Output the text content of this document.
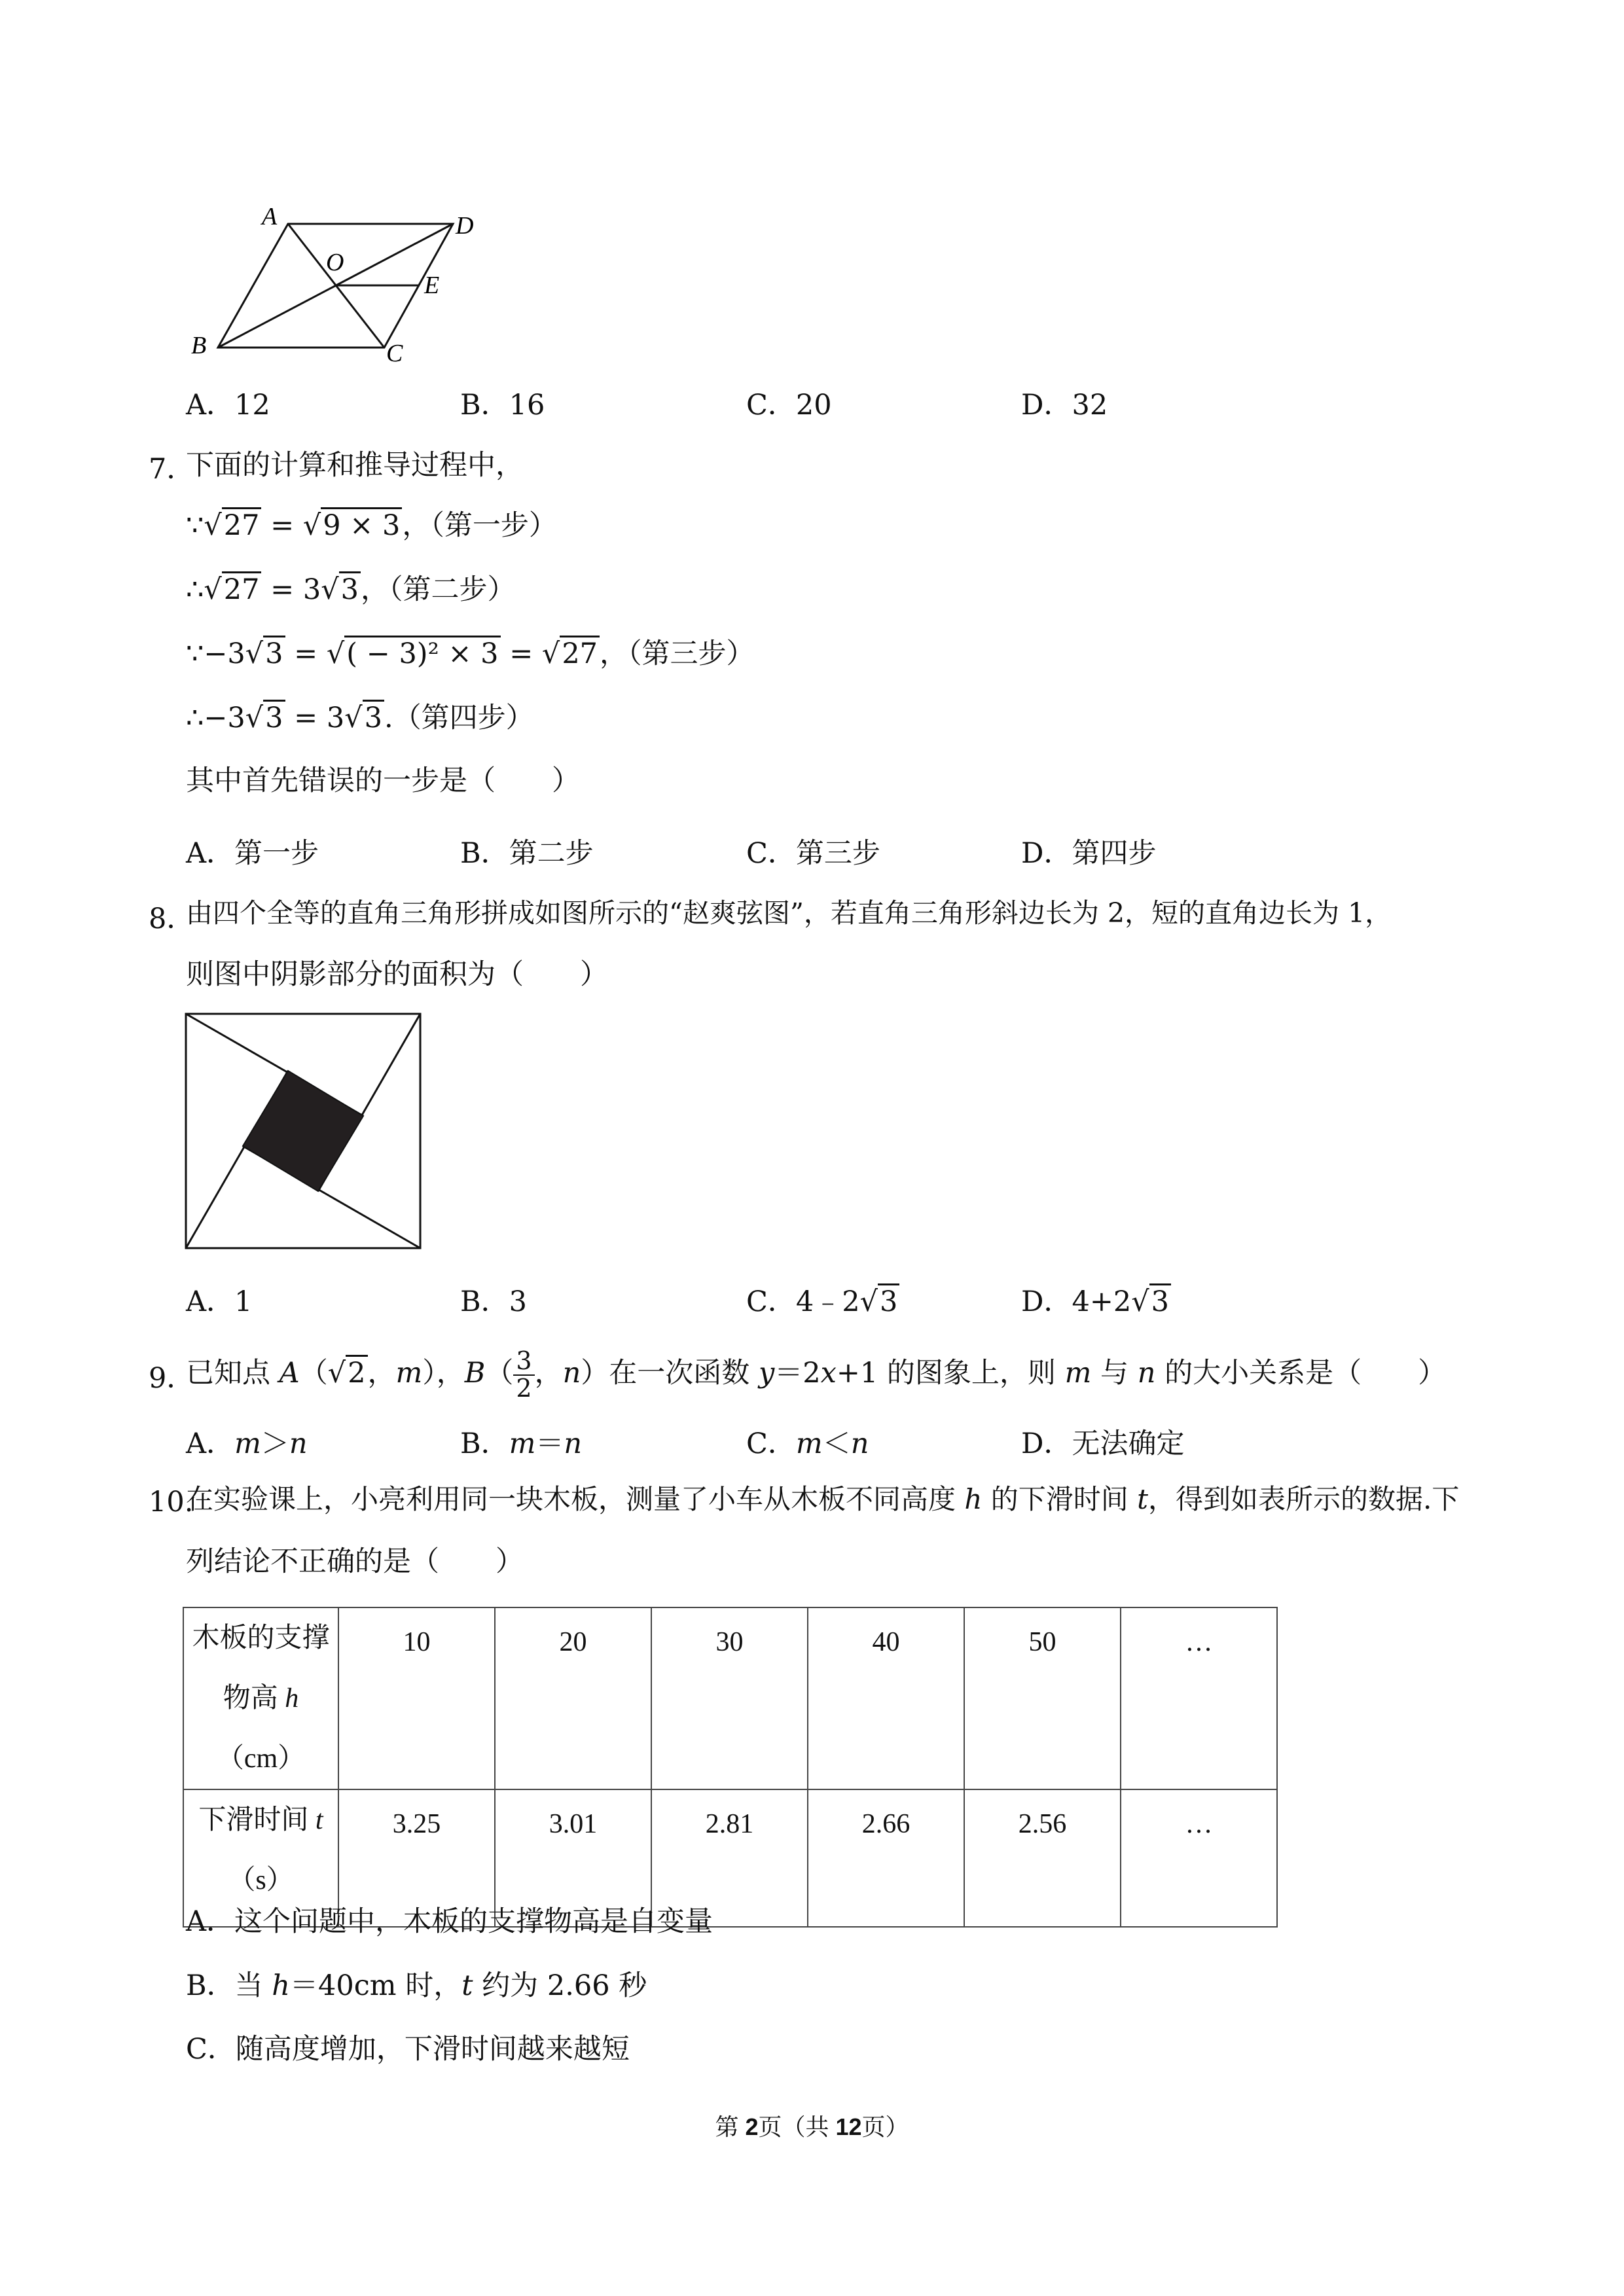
A	D
O
E
B	C
A．12	B．16	C．20	D．32
7．
下面的计算和推导过程中，
∵√27 = √9 × 3，（第一步）
∴√27 = 3√3，（第二步）
∵−3√3 = √( − 3)² × 3 = √27，（第三步）
∴−3√3 = 3√3.（第四步）
其中首先错误的一步是（　　）
A．第一步	B．第二步	C．第三步	D．第四步
8．
由四个全等的直角三角形拼成如图所示的“赵爽弦图”，若直角三角形斜边长为 2，短的直角边长为 1，
则图中阴影部分的面积为（　　）
A．1	B．3	C．4﹣2√3	D．4+2√3
9．
已知点 A（√2，m），$B( \frac{3}{2}$ ，n）在一次函数 y＝2x+1 的图象上，则 m 与 n 的大小关系是（　　）
A．m＞n	B．m＝n	C．m＜n	D．无法确定
10.
在实验课上，小亮利用同一块木板，测量了小车从木板不同高度 h 的下滑时间 t，得到如表所示的数据.下
列结论不正确的是（　　）
木板的支撑
物高 h（cm）	10	20	30	40	50	…
下滑时间 t
（s）	3.25	3.01	2.81	2.66	2.56	…
A．这个问题中，木板的支撑物高是自变量
B．当 h＝40cm 时，t 约为 2.66 秒
C．随高度增加，下滑时间越来越短
第 2页（共 12页）
